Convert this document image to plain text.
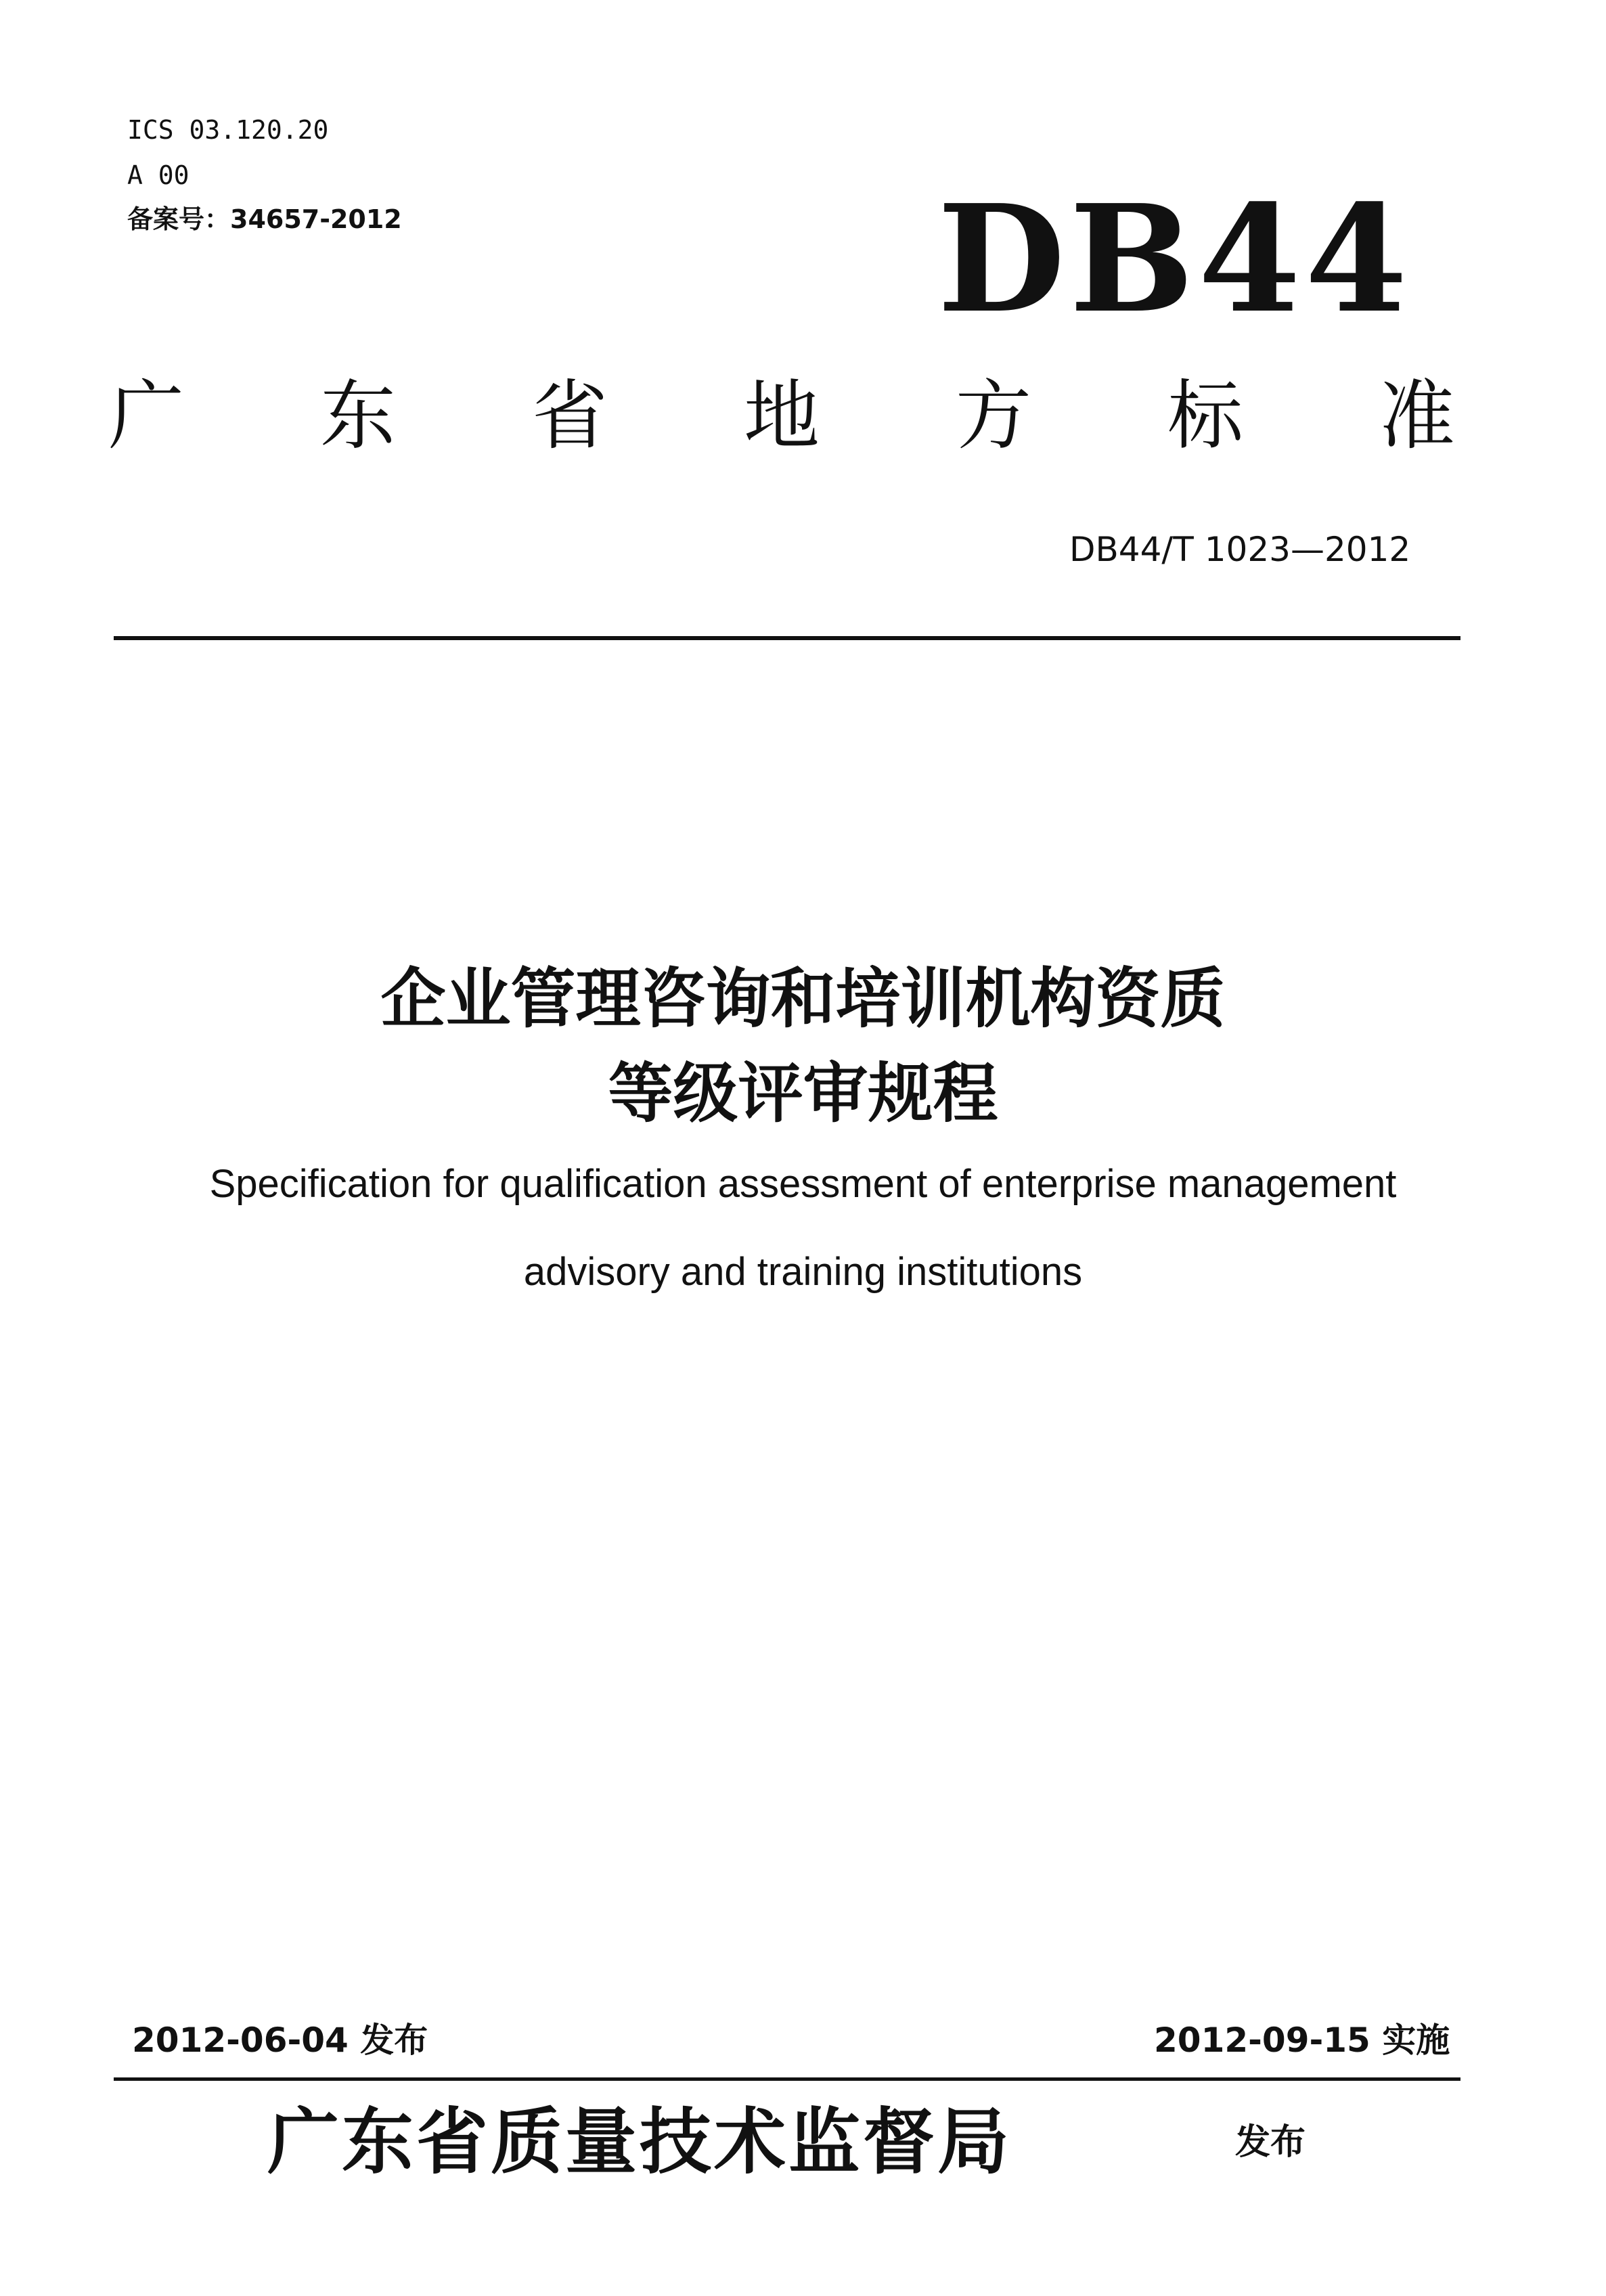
ICS 03.120.20
A 00
备案号：34657-2012	DB44
广 东 省 地 方 标 准
DB44/T 1023—2012
企业管理咨询和培训机构资质
等级评审规程
Specification for qualification assessment of enterprise management
advisory and training institutions
2012-06-04 发布	2012-09-15 实施
广东省质量技术监督局	发布
